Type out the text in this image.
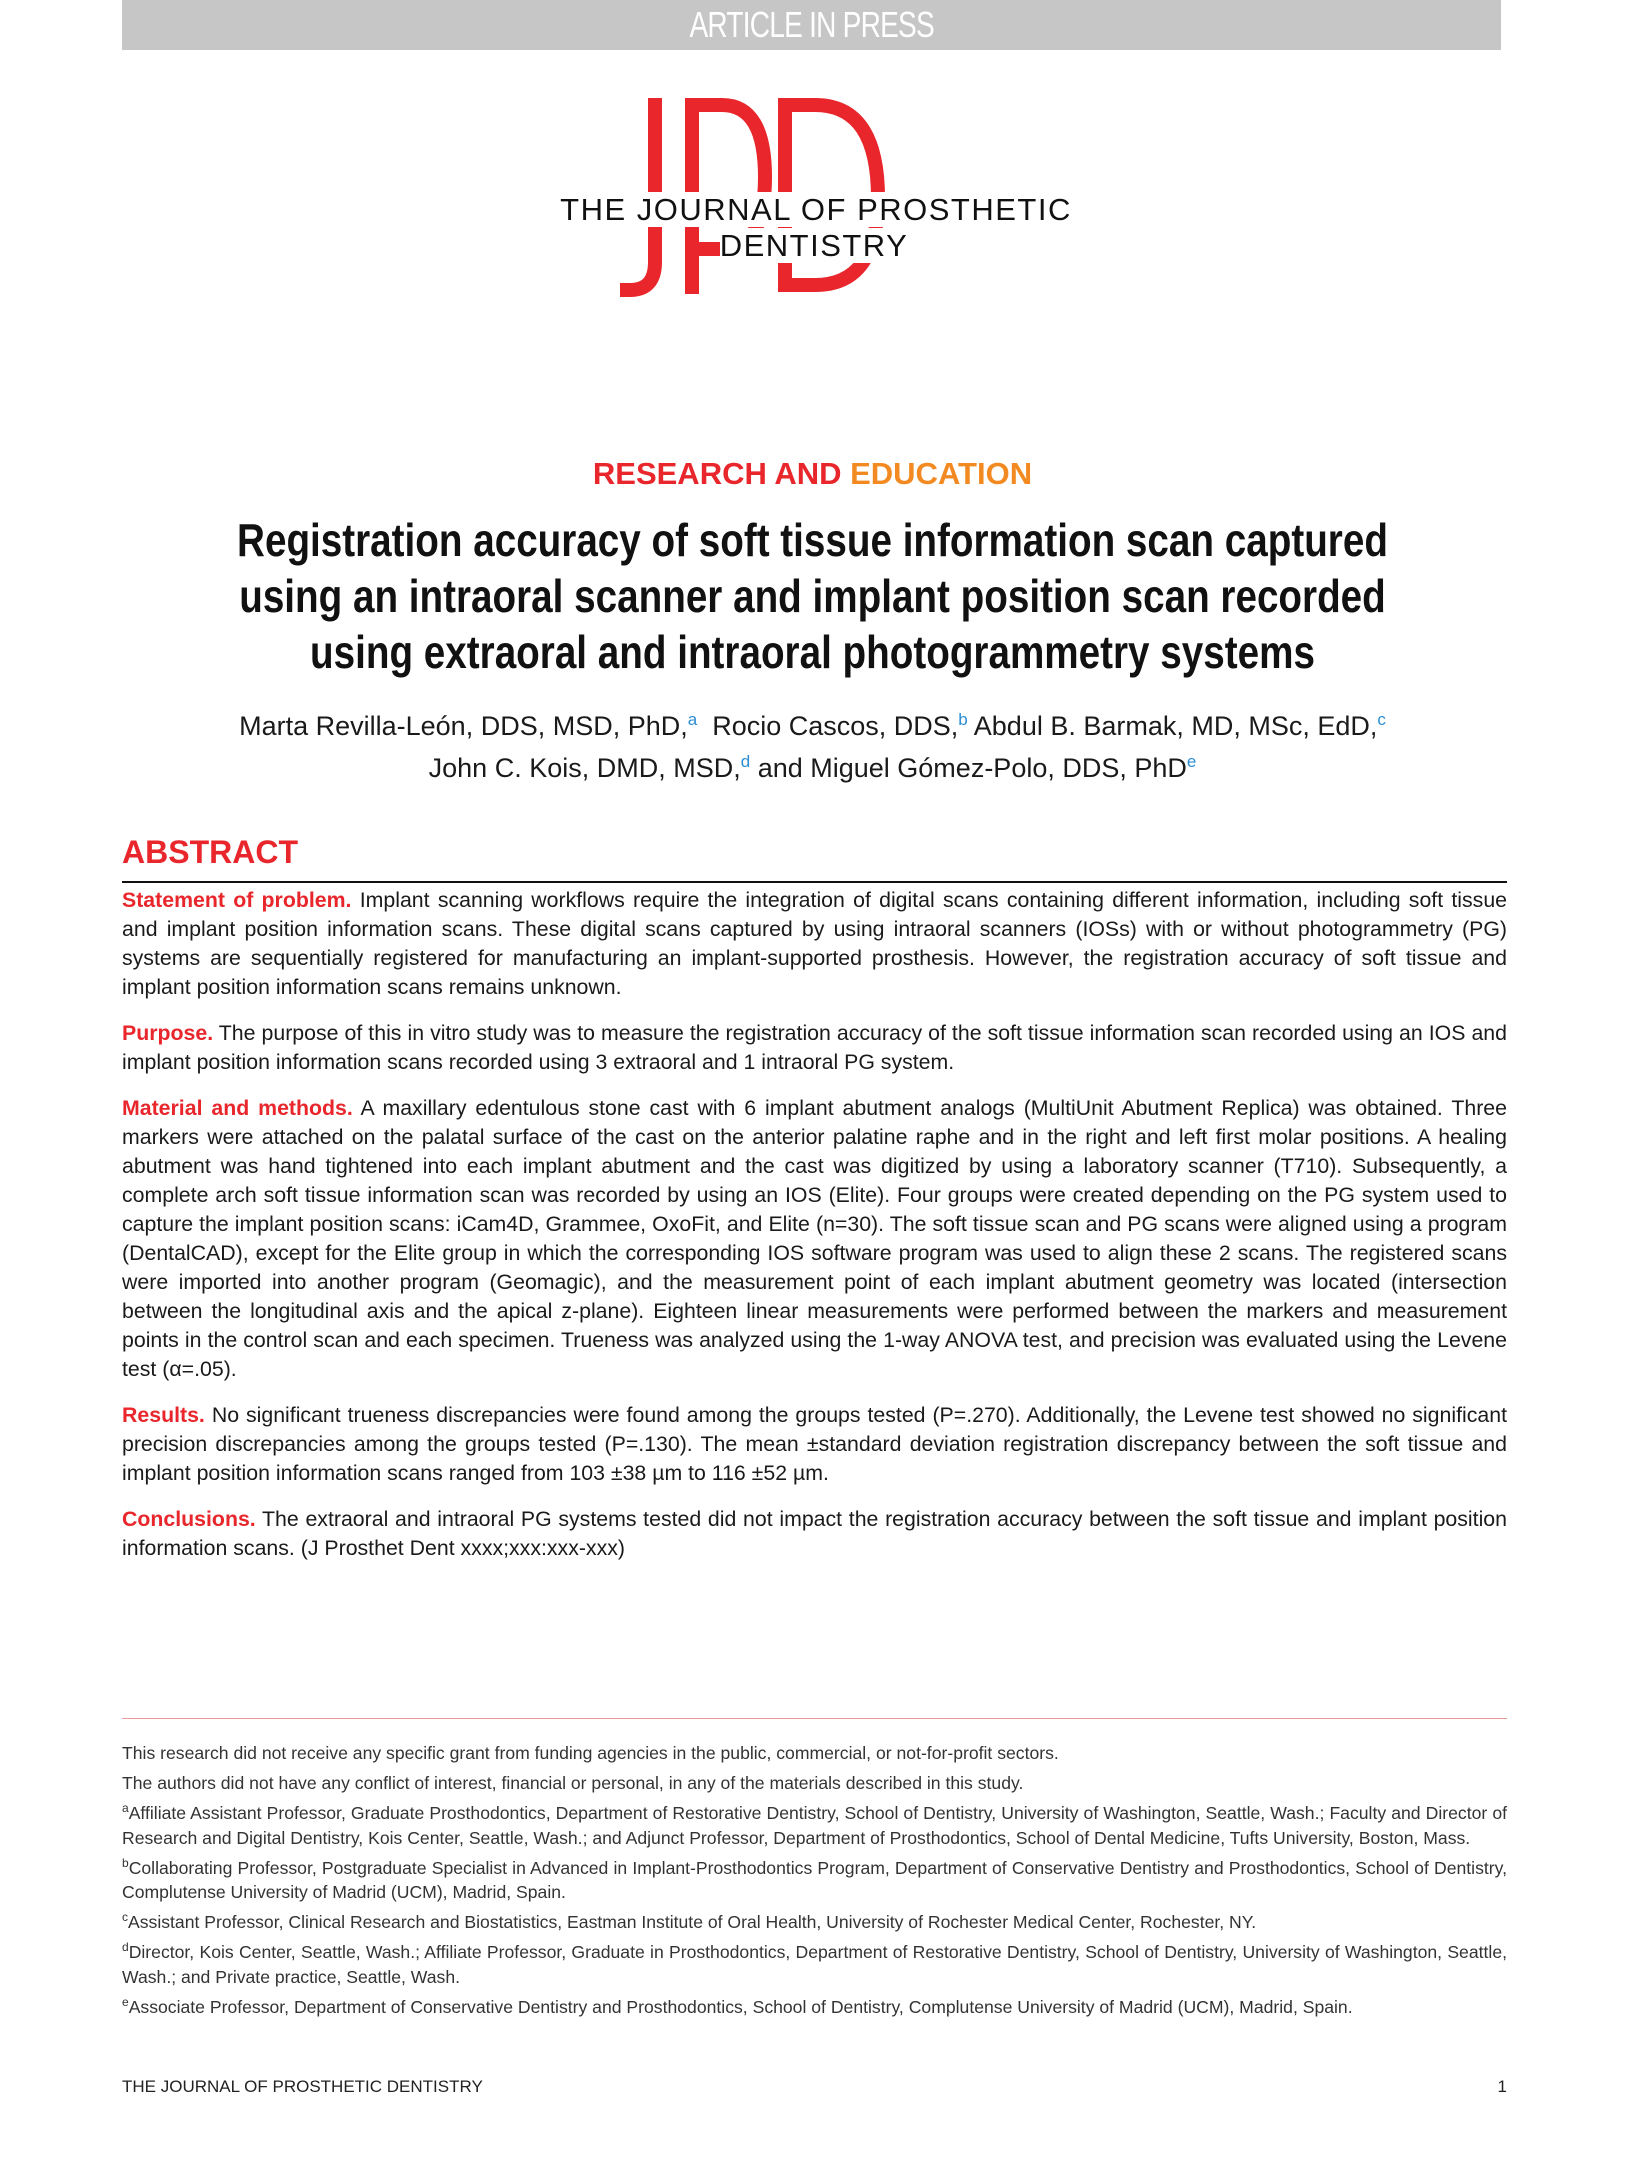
ARTICLE IN PRESS
THE JOURNAL OF PROSTHETIC DENTISTRY
RESEARCH AND EDUCATION
Registration accuracy of soft tissue information scan captured
using an intraoral scanner and implant position scan recorded
using extraoral and intraoral photogrammetry systems
Marta Revilla-León, DDS, MSD, PhD,$^a$ Rocio Cascos, DDS,$^b$ Abdul B. Barmak, MD, MSc, EdD,$^c$
John C. Kois, DMD, MSD,$^d$ and Miguel Gómez-Polo, DDS, PhD$^e$
ABSTRACT

Statement of problem. Implant scanning workflows require the integration of digital scans containing different information, including soft tissue and implant position information scans. These digital scans captured by using intraoral scanners (IOSs) with or without photogrammetry (PG) systems are sequentially registered for manufacturing an implant-supported prosthesis. However, the registration accuracy of soft tissue and implant position information scans remains unknown.

Purpose. The purpose of this in vitro study was to measure the registration accuracy of the soft tissue information scan recorded using an IOS and implant position information scans recorded using 3 extraoral and 1 intraoral PG system.

Material and methods. A maxillary edentulous stone cast with 6 implant abutment analogs (MultiUnit Abutment Replica) was obtained. Three markers were attached on the palatal surface of the cast on the anterior palatine raphe and in the right and left first molar positions. A healing abutment was hand tightened into each implant abutment and the cast was digitized by using a laboratory scanner (T710). Subsequently, a complete arch soft tissue information scan was recorded by using an IOS (Elite). Four groups were created depending on the PG system used to capture the implant position scans: iCam4D, Grammee, OxoFit, and Elite (n=30). The soft tissue scan and PG scans were aligned using a program (DentalCAD), except for the Elite group in which the corresponding IOS software program was used to align these 2 scans. The registered scans were imported into another program (Geomagic), and the measurement point of each implant abutment geometry was located (intersection between the longitudinal axis and the apical z-plane). Eighteen linear measurements were performed between the markers and measurement points in the control scan and each specimen. Trueness was analyzed using the 1-way ANOVA test, and precision was evaluated using the Levene test (α=.05).

Results. No significant trueness discrepancies were found among the groups tested (P=.270). Additionally, the Levene test showed no significant precision discrepancies among the groups tested (P=.130). The mean ±standard deviation registration discrepancy between the soft tissue and implant position information scans ranged from 103 ±38 µm to 116 ±52 µm.

Conclusions. The extraoral and intraoral PG systems tested did not impact the registration accuracy between the soft tissue and implant position information scans. (J Prosthet Dent xxxx;xxx:xxx-xxx)

This research did not receive any specific grant from funding agencies in the public, commercial, or not-for-profit sectors.

The authors did not have any conflict of interest, financial or personal, in any of the materials described in this study.

$^a$Affiliate Assistant Professor, Graduate Prosthodontics, Department of Restorative Dentistry, School of Dentistry, University of Washington, Seattle, Wash.; Faculty and Director of Research and Digital Dentistry, Kois Center, Seattle, Wash.; and Adjunct Professor, Department of Prosthodontics, School of Dental Medicine, Tufts University, Boston, Mass.

$^b$Collaborating Professor, Postgraduate Specialist in Advanced in Implant-Prosthodontics Program, Department of Conservative Dentistry and Prosthodontics, School of Dentistry, Complutense University of Madrid (UCM), Madrid, Spain.

$^c$Assistant Professor, Clinical Research and Biostatistics, Eastman Institute of Oral Health, University of Rochester Medical Center, Rochester, NY.

$^d$Director, Kois Center, Seattle, Wash.; Affiliate Professor, Graduate in Prosthodontics, Department of Restorative Dentistry, School of Dentistry, University of Washington, Seattle, Wash.; and Private practice, Seattle, Wash.

$^e$Associate Professor, Department of Conservative Dentistry and Prosthodontics, School of Dentistry, Complutense University of Madrid (UCM), Madrid, Spain.

THE JOURNAL OF PROSTHETIC DENTISTRY	1
